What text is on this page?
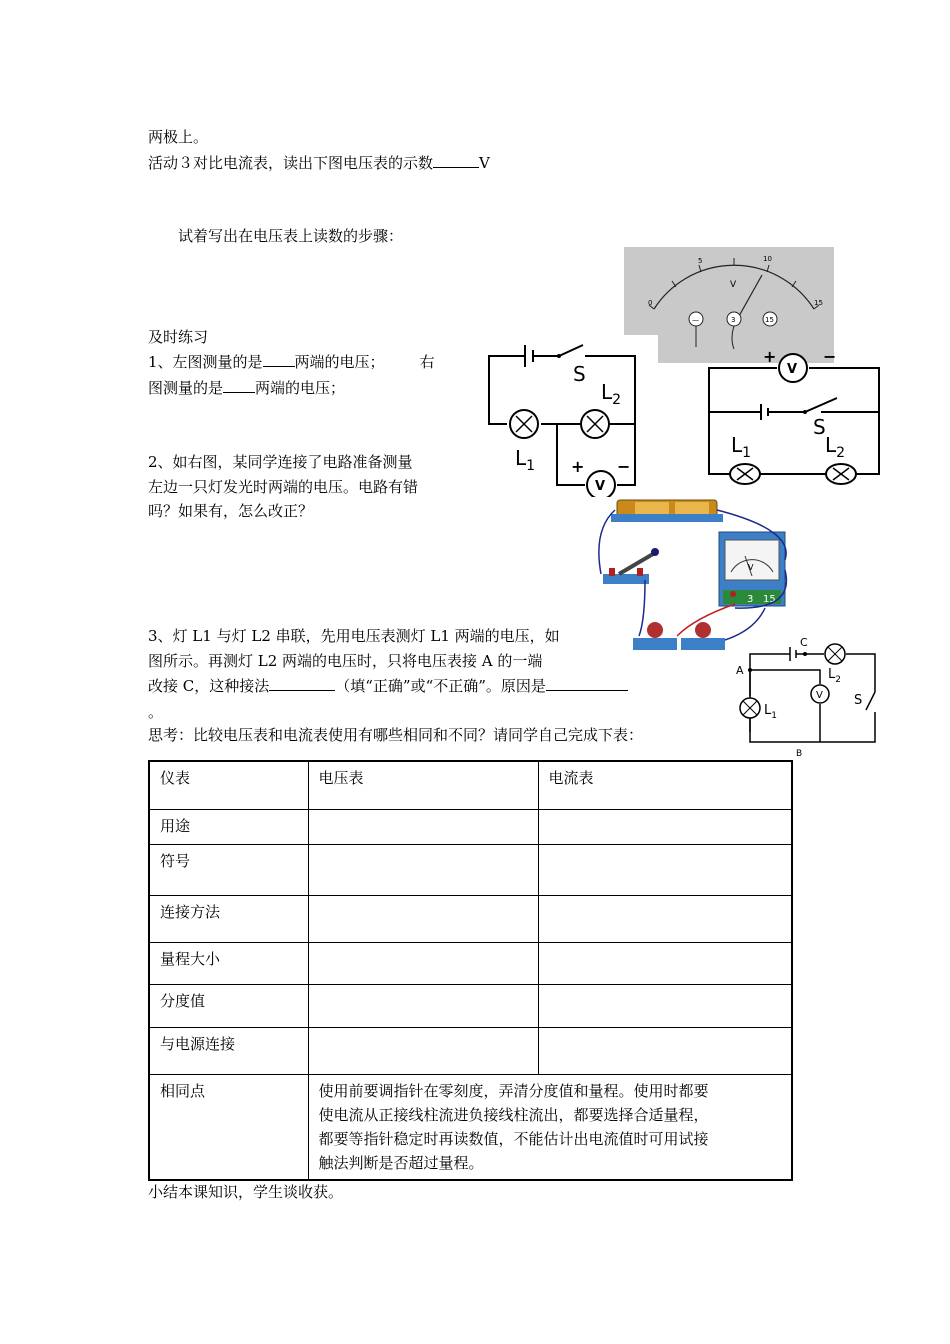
两极上。
活动３对比电流表，读出下图电压表的示数	V
试着写出在电压表上读数的步骤：
及时练习
1、左图测量的是 两端的电压； 右
图测量的是 两端的电压；
2、如右图，某同学连接了电路准备测量
左边一只灯发光时两端的电压。电路有错
吗？如果有，怎么改正？
3、灯 L1 与灯 L2 串联，先用电压表测灯 L1 两端的电压，如
图所示。再测灯 L2 两端的电压时，只将电压表接 A 的一端
改接 C，这种接法	（填“正确”或“不正确”。原因是
。
思考：比较电压表和电流表使用有哪些相同和不同？请同学自己完成下表：
小结本课知识，学生谈收获。
0
5	10
15
V
—	3	15
V
+ −
S
$L_2$
$L_1$
V
+	−
S
$L_1$	$L_2$
V
3 15
V
A
C
B
S
$L_2$
$L_1$
仪表	电压表	电流表
用途		
符号		
连接方法		
量程大小		
分度值		
与电源连接		
相同点	使用前要调指针在零刻度，弄清分度值和量程。使用时都要
使电流从正接线柱流进负接线柱流出，都要选择合适量程，
都要等指针稳定时再读数值，不能估计出电流值时可用试接
触法判断是否超过量程。	
